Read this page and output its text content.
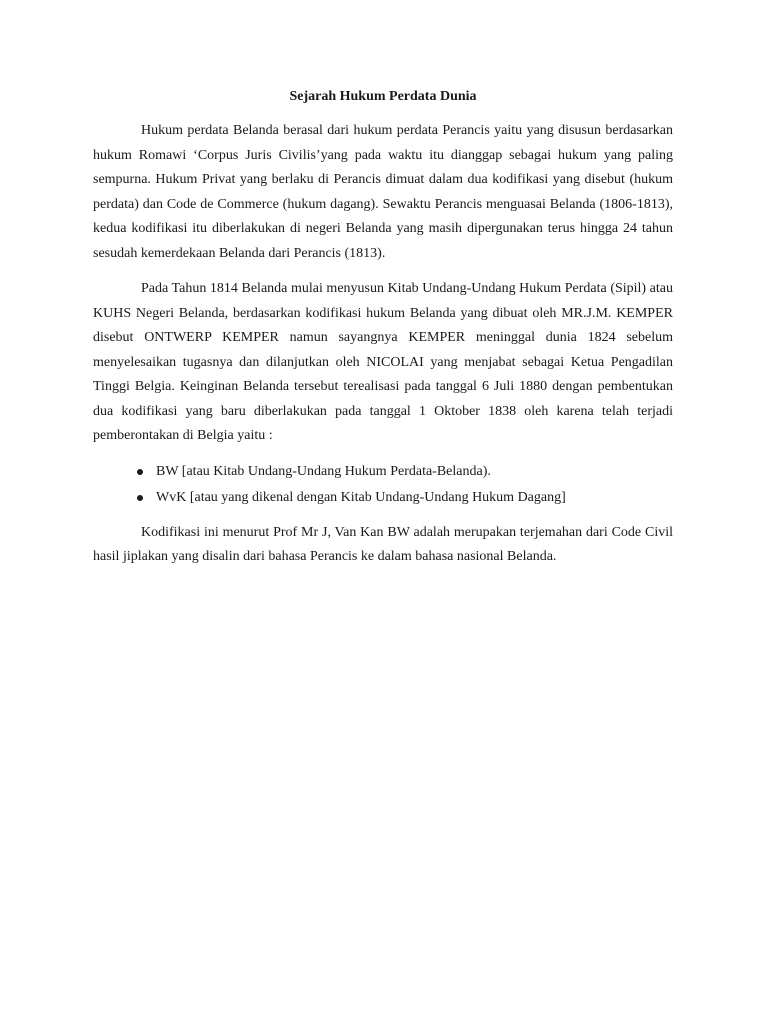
Sejarah Hukum Perdata Dunia

Hukum perdata Belanda berasal dari hukum perdata Perancis yaitu yang disusun berdasarkan hukum Romawi ‘Corpus Juris Civilis’yang pada waktu itu dianggap sebagai hukum yang paling sempurna. Hukum Privat yang berlaku di Perancis dimuat dalam dua kodifikasi yang disebut (hukum perdata) dan Code de Commerce (hukum dagang). Sewaktu Perancis menguasai Belanda (1806-1813), kedua kodifikasi itu diberlakukan di negeri Belanda yang masih dipergunakan terus hingga 24 tahun sesudah kemerdekaan Belanda dari Perancis (1813).

Pada Tahun 1814 Belanda mulai menyusun Kitab Undang-Undang Hukum Perdata (Sipil) atau KUHS Negeri Belanda, berdasarkan kodifikasi hukum Belanda yang dibuat oleh MR.J.M. KEMPER disebut ONTWERP KEMPER namun sayangnya KEMPER meninggal dunia 1824 sebelum menyelesaikan tugasnya dan dilanjutkan oleh NICOLAI yang menjabat sebagai Ketua Pengadilan Tinggi Belgia. Keinginan Belanda tersebut terealisasi pada tanggal 6 Juli 1880 dengan pembentukan dua kodifikasi yang baru diberlakukan pada tanggal 1 Oktober 1838 oleh karena telah terjadi pemberontakan di Belgia yaitu :

BW [atau Kitab Undang-Undang Hukum Perdata-Belanda).
WvK [atau yang dikenal dengan Kitab Undang-Undang Hukum Dagang]

Kodifikasi ini menurut Prof Mr J, Van Kan BW adalah merupakan terjemahan dari Code Civil hasil jiplakan yang disalin dari bahasa Perancis ke dalam bahasa nasional Belanda.
